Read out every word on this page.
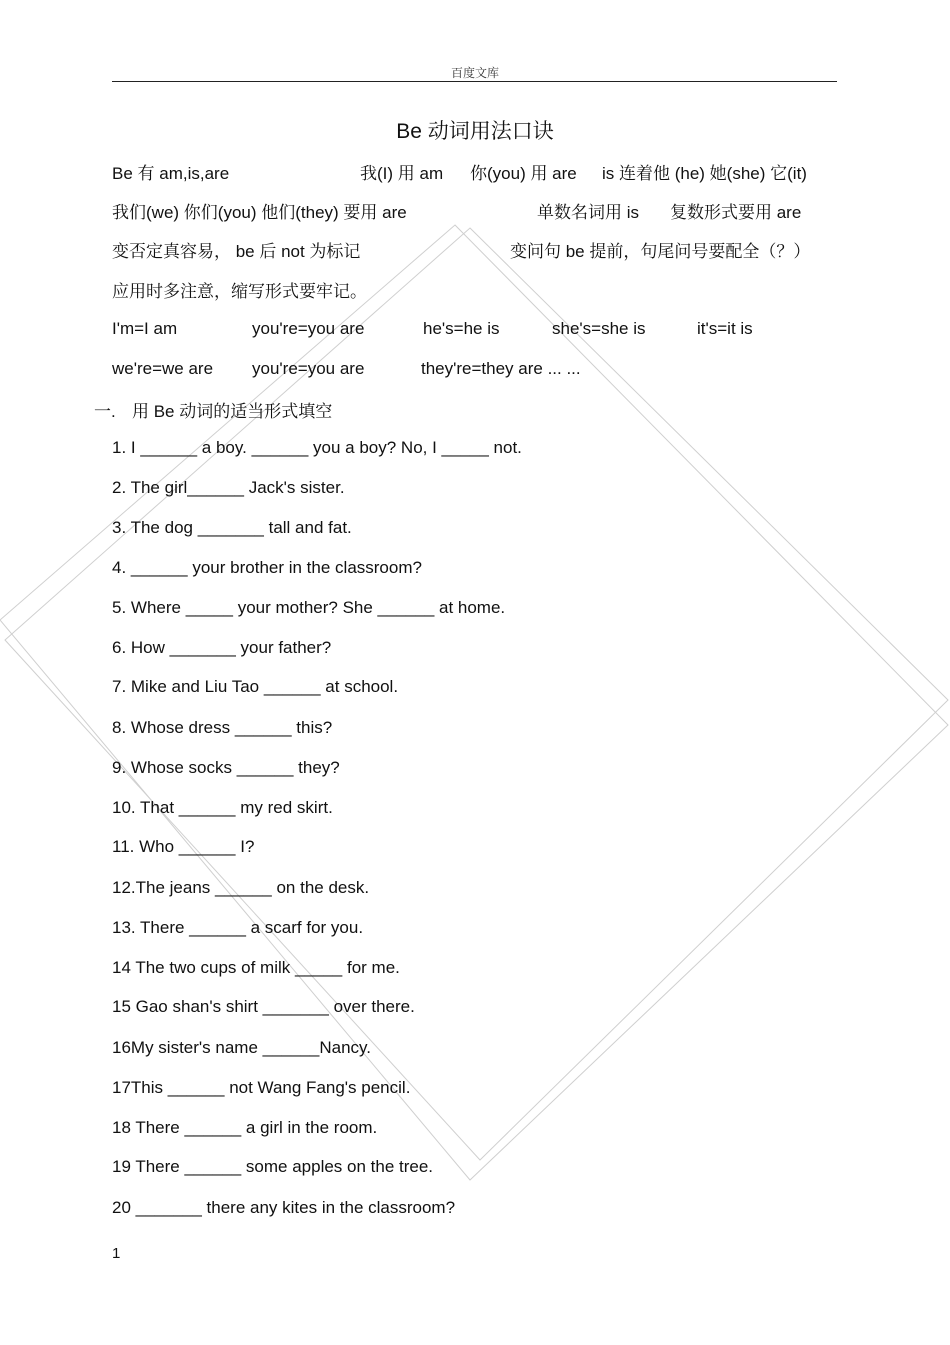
百度文库
Be 动词用法口诀
Be 有 am,is,are	我(I) 用 am 你(you) 用 are is 连着他 (he) 她(she) 它(it)
我们(we) 你们(you) 他们(they) 要用 are	单数名词用 is 复数形式要用 are
变否定真容易， be 后 not 为标记	变问句 be 提前，句尾问号要配全（？）
应用时多注意，缩写形式要牢记。
I'm=I am	you're=you are	he's=he is	she's=she is	it's=it is
we're=we are you're=you are	they're=they are ... ...
一. 用 Be 动词的适当形式填空
1. I ______ a boy. ______ you a boy? No, I _____ not.
2. The girl______ Jack's sister.
3. The dog _______ tall and fat.
4. ______ your brother in the classroom?
5. Where _____ your mother? She ______ at home.
6. How _______ your father?
7. Mike and Liu Tao ______ at school.
8. Whose dress ______ this?
9. Whose socks ______ they?
10. That ______ my red skirt.
11. Who ______ I?
12.The jeans ______ on the desk.
13. There ______ a scarf for you.
14 The two cups of milk _____ for me.
15 Gao shan's shirt _______ over there.
16My sister's name ______Nancy.
17This ______ not Wang Fang's pencil.
18 There ______ a girl in the room.
19 There ______ some apples on the tree.
20 _______ there any kites in the classroom?
1
